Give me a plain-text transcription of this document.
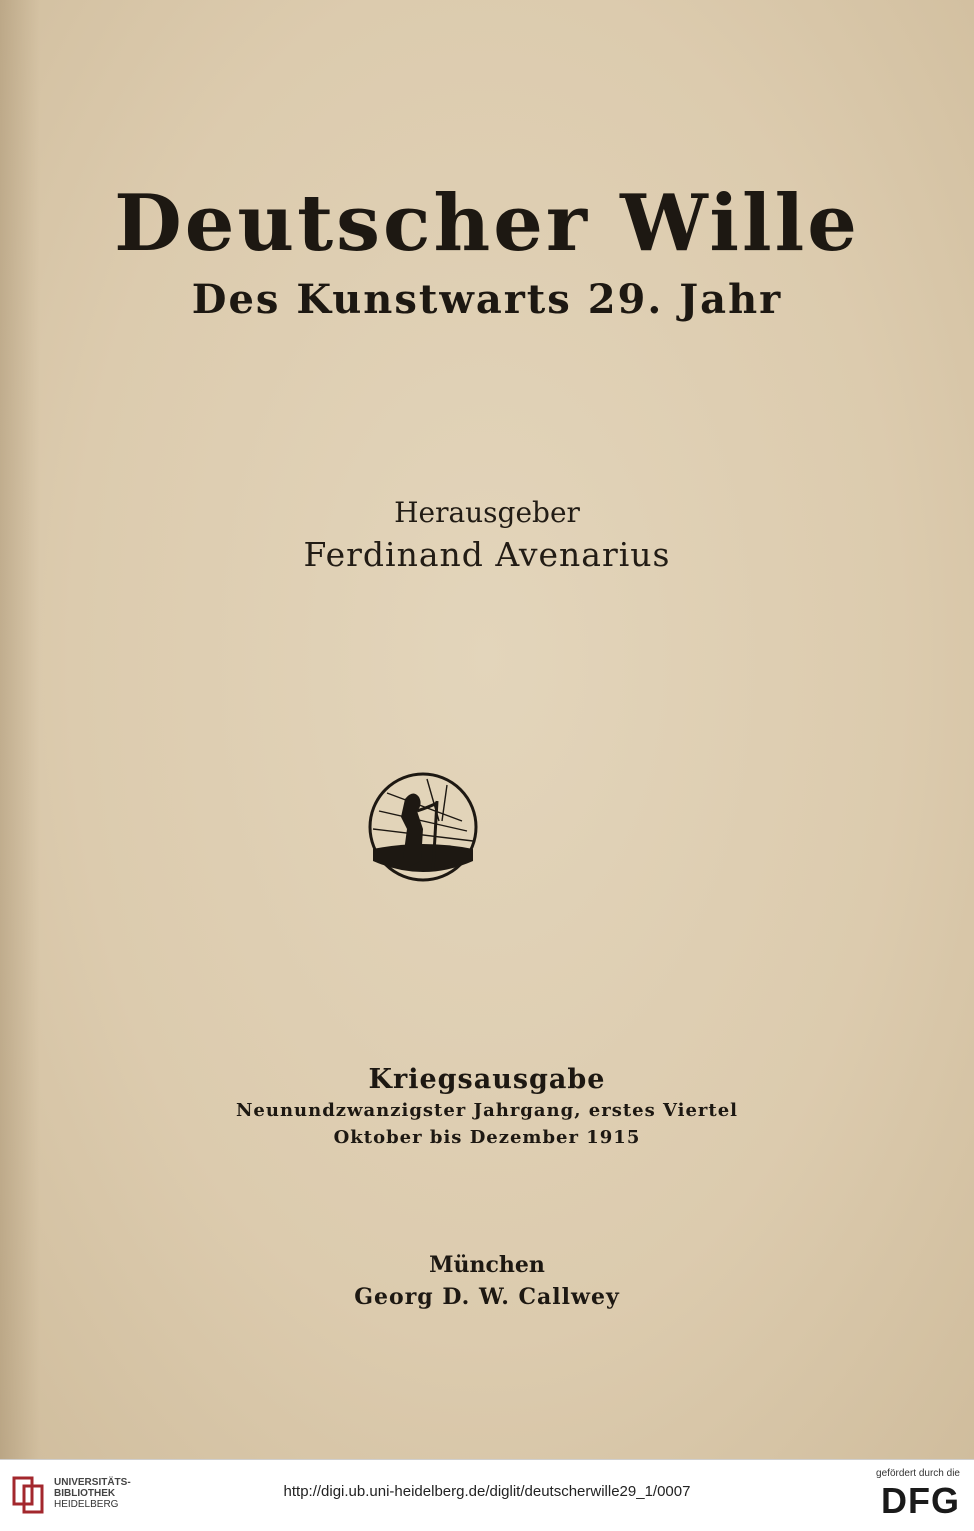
Deutscher Wille
Des Kunstwarts 29. Jahr
Herausgeber
Ferdinand Avenarius
Kriegsausgabe
Neunundzwanzigster Jahrgang, erstes Viertel
Oktober bis Dezember 1915
München
Georg D. W. Callwey
UNIVERSITÄTS-
BIBLIOTHEK
HEIDELBERG
http://digi.ub.uni-heidelberg.de/diglit/deutscherwille29_1/0007
gefördert durch die
DFG
